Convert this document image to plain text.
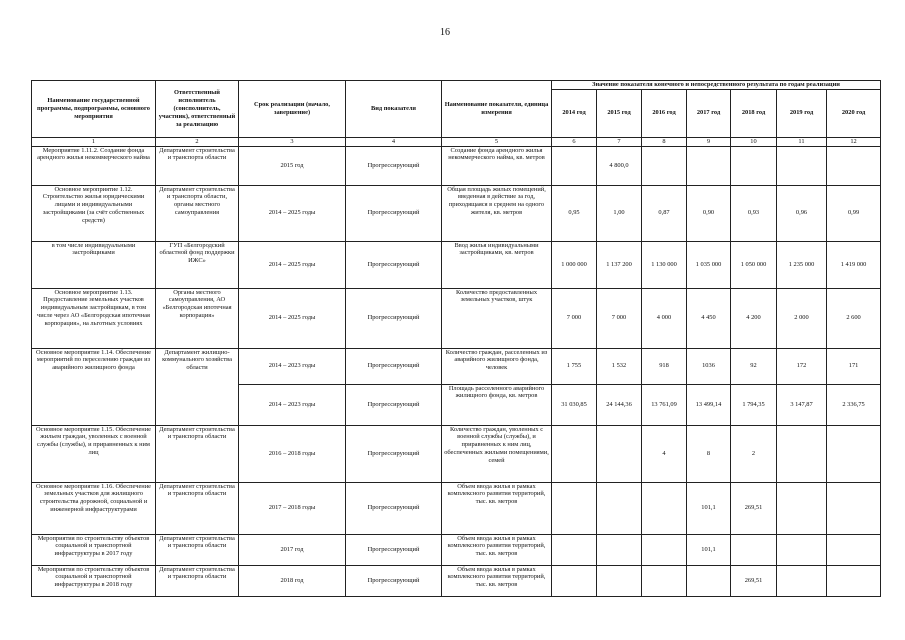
16
Наименование государственной программы, подпрограммы, основного мероприятия	Ответственный исполнитель (соисполнитель, участник), ответственный за реализацию	Срок реализации (начало, завершение)	Вид показателя	Наименование показателя, единица измерения	Значение показателя конечного и непосредственного результата по годам реализации						
					2014 год	2015 год	2016 год	2017 год	2018 год	2019 год	2020 год
1	2	3	4	5	6	7	8	9	10	11	12
Мероприятие 1.11.2. Создание фонда арендного жилья некоммерческого найма	Департамент строительства и транспорта области	2015 год	Прогрессирующий	Создание фонда арендного жилья некоммерческого найма, кв. метров		4 800,0					
Основное мероприятие 1.12. Строительство жилья юридическими лицами и индивидуальными застройщиками (за счёт собственных средств)	Департамент строительства и транспорта области, органы местного самоуправления	2014 – 2025 годы	Прогрессирующий	Общая площадь жилых помещений, введенная в действие за год, приходящаяся в среднем на одного жителя, кв. метров	0,95	1,00	0,87	0,90	0,93	0,96	0,99
в том числе индивидуальными застройщиками	ГУП «Белгородский областной фонд поддержки ИЖС»	2014 – 2025 годы	Прогрессирующий	Ввод жилья индивидуальными застройщиками, кв. метров	1 000 000	1 137 200	1 130 000	1 035 000	1 050 000	1 235 000	1 419 000
Основное мероприятие 1.13. Предоставление земельных участков индивидуальным застройщикам, в том числе через АО «Белгородская ипотечная корпорация», на льготных условиях	Органы местного самоуправления, АО «Белгородская ипотечная корпорация»	2014 – 2025 годы	Прогрессирующий	Количество предоставленных земельных участков, штук	7 000	7 000	4 000	4 450	4 200	2 000	2 600
Основное мероприятие 1.14. Обеспечение мероприятий по переселению граждан из аварийного жилищного фонда	Департамент жилищно-коммунального хозяйства области	2014 – 2023 годы	Прогрессирующий	Количество граждан, расселенных из аварийного жилищного фонда, человек	1 755	1 532	918	1036	92	172	171
		2014 – 2023 годы	Прогрессирующий	Площадь расселенного аварийного жилищного фонда, кв. метров	31 030,85	24 144,36	13 761,09	13 499,14	1 794,35	3 147,87	2 336,75
Основное мероприятие 1.15. Обеспечение жильем граждан, уволенных с военной службы (службы), и приравненных к ним лиц	Департамент строительства и транспорта области	2016 – 2018 годы	Прогрессирующий	Количество граждан, уволенных с военной службы (службы), и приравненных к ним лиц, обеспеченных жилыми помещениями, семей			4	8	2		
Основное мероприятие 1.16. Обеспечение земельных участков для жилищного строительства дорожной, социальной и инженерной инфраструктурами	Департамент строительства и транспорта области	2017 – 2018 годы	Прогрессирующий	Объем ввода жилья в рамках комплексного развития территорий, тыс. кв. метров				101,1	269,51		
Мероприятия по строительству объектов социальной и транспортной инфраструктуры в 2017 году	Департамент строительства и транспорта области	2017 год	Прогрессирующий	Объем ввода жилья в рамках комплексного развития территорий, тыс. кв. метров				101,1			
Мероприятия по строительству объектов социальной и транспортной инфраструктуры в 2018 году	Департамент строительства и транспорта области	2018 год	Прогрессирующий	Объем ввода жилья в рамках комплексного развития территорий, тыс. кв. метров					269,51		
